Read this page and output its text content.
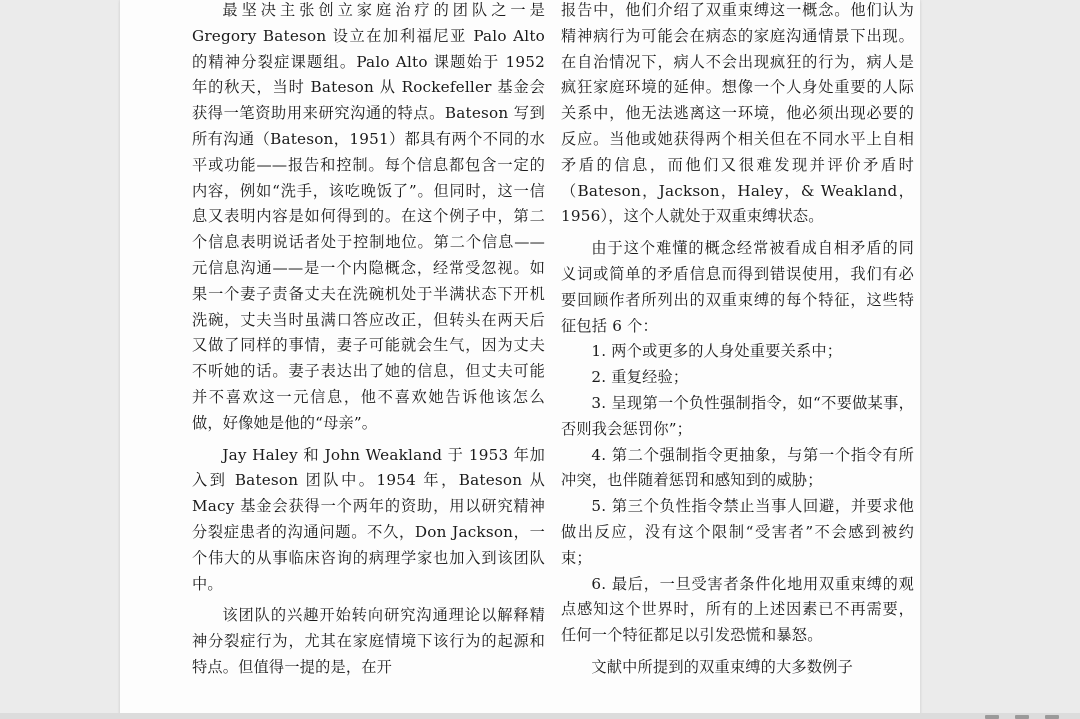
最坚决主张创立家庭治疗的团队之一是Gregory Bateson 设立在加利福尼亚 Palo Alto 的精神分裂症课题组。Palo Alto 课题始于 1952 年的秋天，当时 Bateson 从 Rockefeller 基金会获得一笔资助用来研究沟通的特点。Bateson 写到所有沟通（Bateson，1951）都具有两个不同的水平或功能——报告和控制。每个信息都包含一定的内容，例如“洗手，该吃晚饭了”。但同时，这一信息又表明内容是如何得到的。在这个例子中，第二个信息表明说话者处于控制地位。第二个信息——元信息沟通——是一个内隐概念，经常受忽视。如果一个妻子责备丈夫在洗碗机处于半满状态下开机洗碗，丈夫当时虽满口答应改正，但转头在两天后又做了同样的事情，妻子可能就会生气，因为丈夫不听她的话。妻子表达出了她的信息，但丈夫可能并不喜欢这一元信息，他不喜欢她告诉他该怎么做，好像她是他的“母亲”。

Jay Haley 和 John Weakland 于 1953 年加入到 Bateson 团队中。1954 年，Bateson 从 Macy 基金会获得一个两年的资助，用以研究精神分裂症患者的沟通问题。不久，Don Jackson，一个伟大的从事临床咨询的病理学家也加入到该团队中。

该团队的兴趣开始转向研究沟通理论以解释精神分裂症行为，尤其在家庭情境下该行为的起源和特点。但值得一提的是，在开

报告中，他们介绍了双重束缚这一概念。他们认为精神病行为可能会在病态的家庭沟通情景下出现。在自治情况下，病人不会出现疯狂的行为，病人是疯狂家庭环境的延伸。想像一个人身处重要的人际关系中，他无法逃离这一环境，他必须出现必要的反应。当他或她获得两个相关但在不同水平上自相矛盾的信息，而他们又很难发现并评价矛盾时（Bateson，Jackson，Haley，& Weakland，1956），这个人就处于双重束缚状态。

由于这个难懂的概念经常被看成自相矛盾的同义词或简单的矛盾信息而得到错误使用，我们有必要回顾作者所列出的双重束缚的每个特征，这些特征包括 6 个：

1. 两个或更多的人身处重要关系中；

2. 重复经验；

3. 呈现第一个负性强制指令，如“不要做某事，否则我会惩罚你”；

4. 第二个强制指令更抽象，与第一个指令有所冲突，也伴随着惩罚和感知到的威胁；

5. 第三个负性指令禁止当事人回避，并要求他做出反应，没有这个限制“受害者”不会感到被约束；

6. 最后，一旦受害者条件化地用双重束缚的观点感知这个世界时，所有的上述因素已不再需要，任何一个特征都足以引发恐慌和暴怒。

文献中所提到的双重束缚的大多数例子
